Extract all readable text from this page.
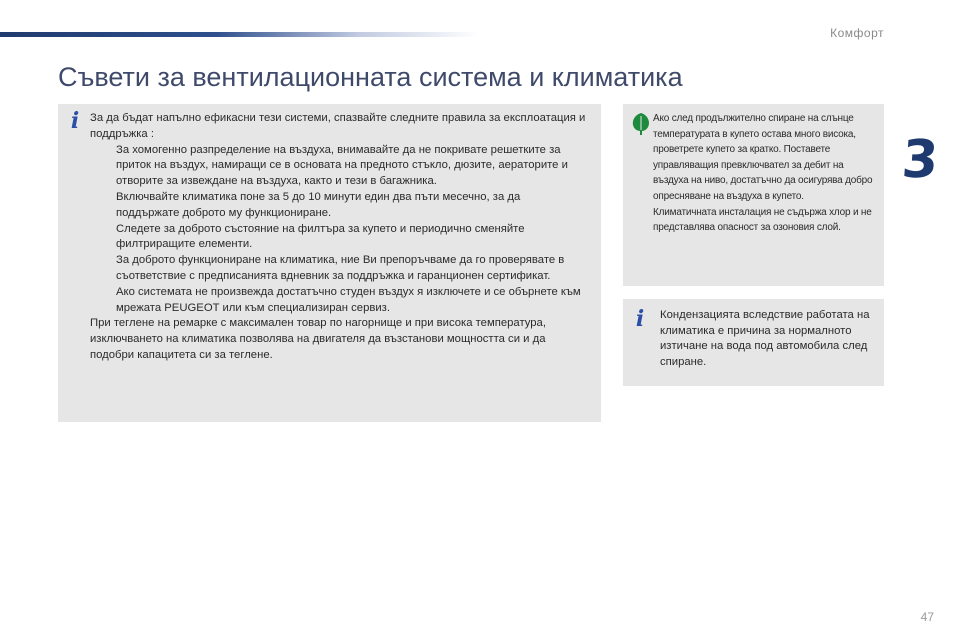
Комфорт
3
Съвети за вентилационната система и климатика
i За да бъдат напълно ефикасни тези системи, спазвайте следните правила за експлоатация и поддръжка :

За хомогенно разпределение на въздуха, внимавайте да не покривате решетките за приток на въздух, намиращи се в основата на предното стъкло, дюзите, аераторите и отворите за извеждане на въздуха, както и тези в багажника.
Включвайте климатика поне за 5 до 10 минути един два пъти месечно, за да поддържате доброто му функциониране.
Следете за доброто състояние на филтъра за купето и периодично сменяйте филтриращите елементи.
За доброто функциониране на климатика, ние Ви препоръчваме да го проверявате в съответствие с предписанията вдневник за поддръжка и гаранционен сертификат.
Ако системата не произвежда достатъчно студен въздух я изключете и се обърнете към мрежата PEUGEOT или към специализиран сервиз.

При теглене на ремарке с максимален товар по нагорнище и при висока температура, изключването на климатика позволява на двигателя да възстанови мощността си и да подобри капацитета си за теглене.

Ако след продължително спиране на слънце температурата в купето остава много висока, проветрете купето за кратко. Поставете управляващия превключвател за дебит на въздуха на ниво, достатъчно да осигурява добро опресняване на въздуха в купето.

Климатичната инсталация не съдържа хлор и не представлява опасност за озоновия слой.

i Кондензацията вследствие работата на климатика е причина за нормалното изтичане на вода под автомобила след спиране.
47
